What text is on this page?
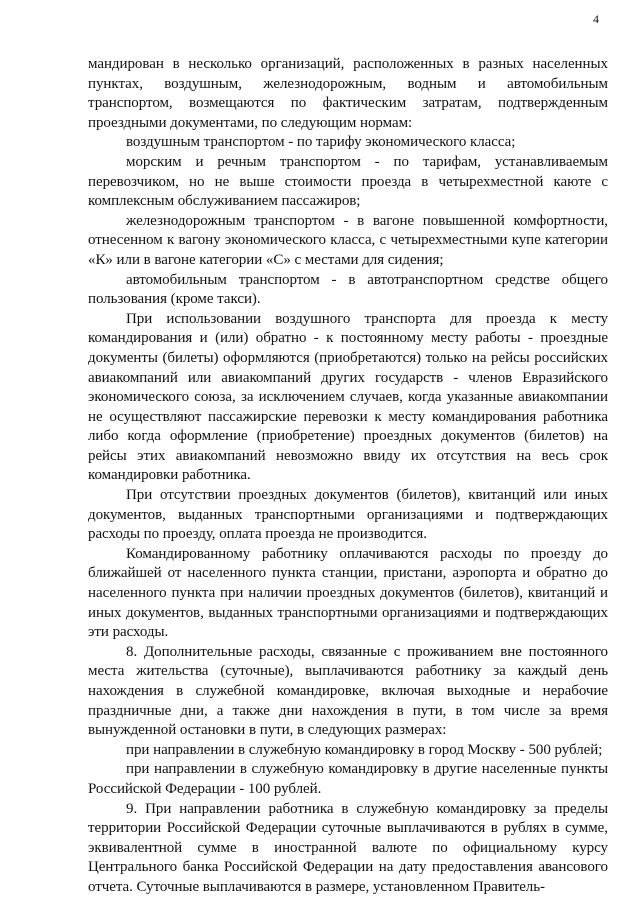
4

мандирован в несколько организаций, расположенных в разных населенных пунктах, воздушным, железнодорожным, водным и автомобильным транспортом, возмещаются по фактическим затратам, подтвержденным проездными документами, по следующим нормам:

воздушным транспортом - по тарифу экономического класса;

морским и речным транспортом - по тарифам, устанавливаемым перевозчиком, но не выше стоимости проезда в четырехместной каюте с комплексным обслуживанием пассажиров;

железнодорожным транспортом - в вагоне повышенной комфортности, отнесенном к вагону экономического класса, с четырехместными купе категории «К» или в вагоне категории «С» с местами для сидения;

автомобильным транспортом - в автотранспортном средстве общего пользования (кроме такси).

При использовании воздушного транспорта для проезда к месту командирования и (или) обратно - к постоянному месту работы - проездные документы (билеты) оформляются (приобретаются) только на рейсы российских авиакомпаний или авиакомпаний других государств - членов Евразийского экономического союза, за исключением случаев, когда указанные авиакомпании не осуществляют пассажирские перевозки к месту командирования работника либо когда оформление (приобретение) проездных документов (билетов) на рейсы этих авиакомпаний невозможно ввиду их отсутствия на весь срок командировки работника.

При отсутствии проездных документов (билетов), квитанций или иных документов, выданных транспортными организациями и подтверждающих расходы по проезду, оплата проезда не производится.

Командированному работнику оплачиваются расходы по проезду до ближайшей от населенного пункта станции, пристани, аэропорта и обратно до населенного пункта при наличии проездных документов (билетов), квитанций и иных документов, выданных транспортными организациями и подтверждающих эти расходы.

8. Дополнительные расходы, связанные с проживанием вне постоянного места жительства (суточные), выплачиваются работнику за каждый день нахождения в служебной командировке, включая выходные и нерабочие праздничные дни, а также дни нахождения в пути, в том числе за время вынужденной остановки в пути, в следующих размерах:

при направлении в служебную командировку в город Москву - 500 рублей;

при направлении в служебную командировку в другие населенные пункты Российской Федерации - 100 рублей.

9. При направлении работника в служебную командировку за пределы территории Российской Федерации суточные выплачиваются в рублях в сумме, эквивалентной сумме в иностранной валюте по официальному курсу Центрального банка Российской Федерации на дату предоставления авансового отчета. Суточные выплачиваются в размере, установленном Правитель-
